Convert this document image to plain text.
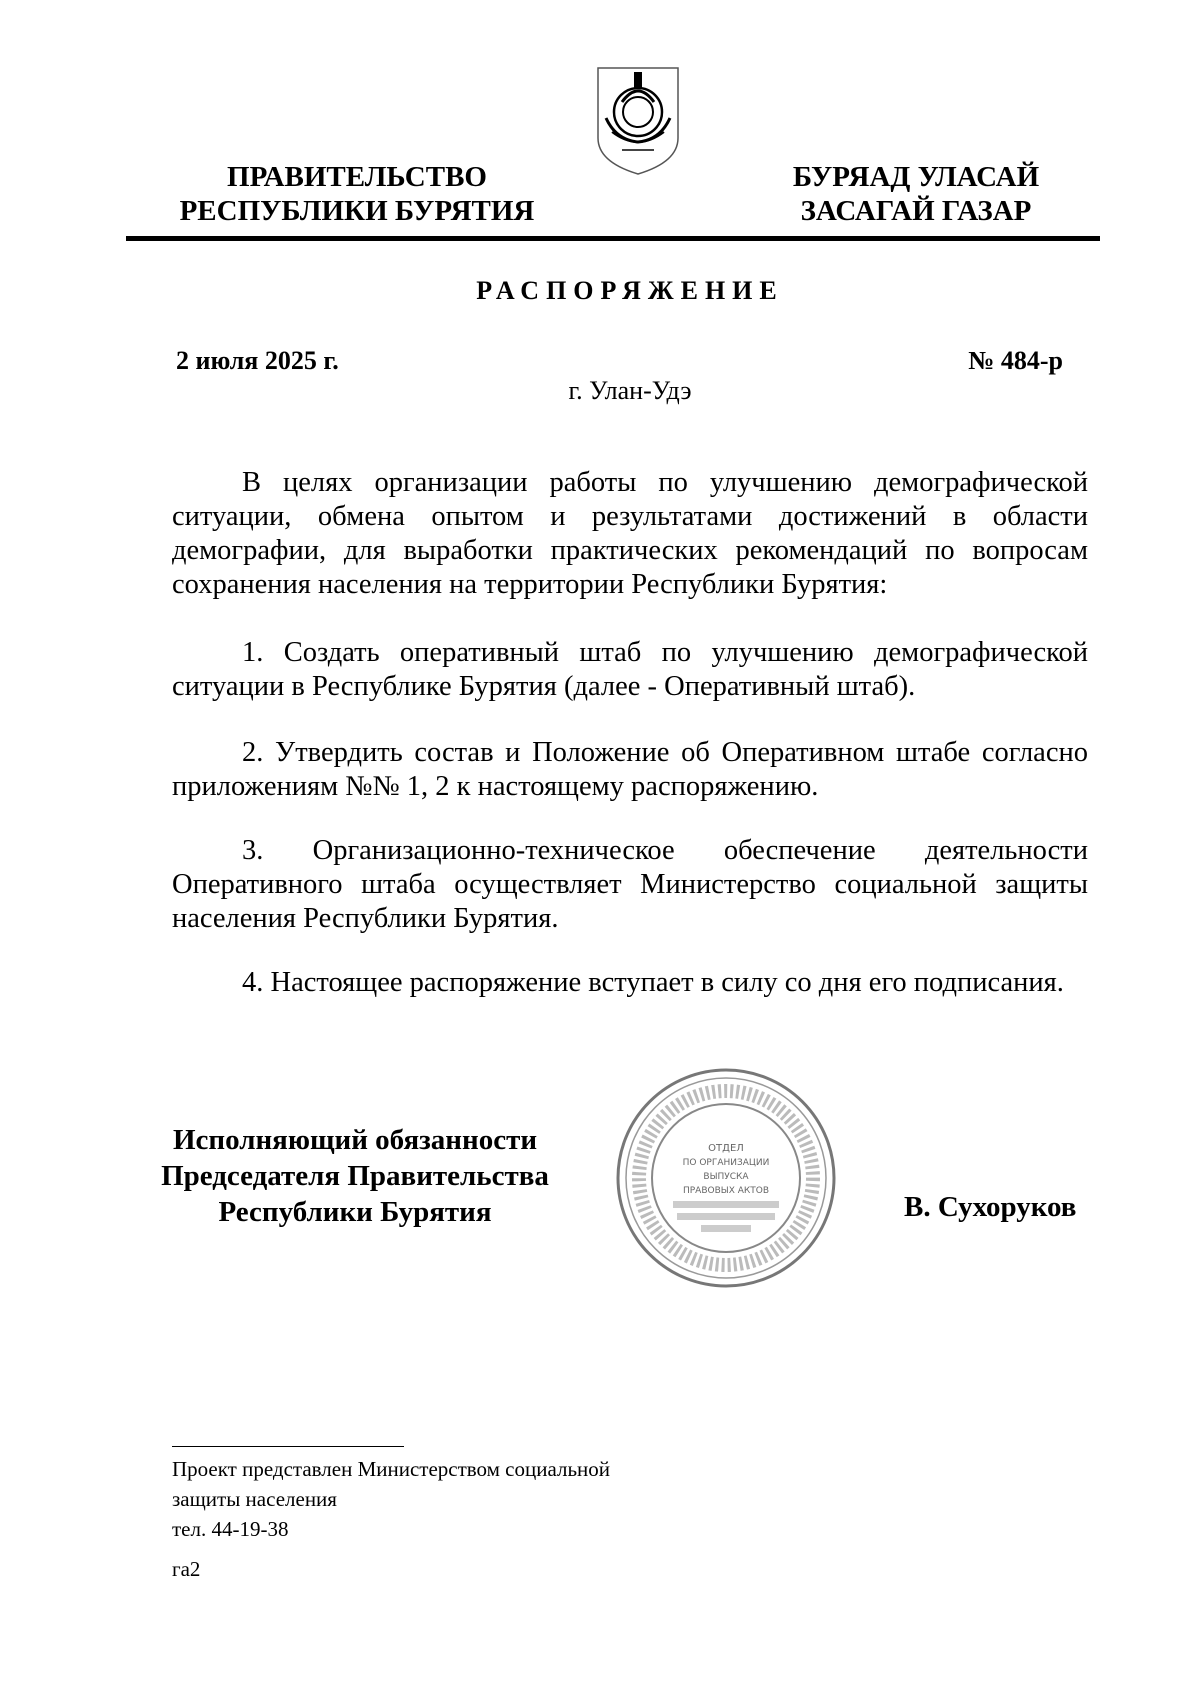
ПРАВИТЕЛЬСТВО
РЕСПУБЛИКИ БУРЯТИЯ
БУРЯАД УЛАСАЙ
ЗАСАГАЙ ГАЗАР
РАСПОРЯЖЕНИЕ
2 июля 2025 г.	№ 484-р
г. Улан-Удэ

В целях организации работы по улучшению демографической ситуации, обмена опытом и результатами достижений в области демографии, для выработки практических рекомендаций по вопросам сохранения населения на территории Республики Бурятия:

1. Создать оперативный штаб по улучшению демографической ситуации в Республике Бурятия (далее - Оперативный штаб).

2. Утвердить состав и Положение об Оперативном штабе согласно приложениям №№ 1, 2 к настоящему распоряжению.

3. Организационно-техническое обеспечение деятельности Оперативного штаба осуществляет Министерство социальной защиты населения Республики Бурятия.

4. Настоящее распоряжение вступает в силу со дня его подписания.

Исполняющий обязанности
Председателя Правительства
Республики Бурятия
ОТДЕЛ
ПО ОРГАНИЗАЦИИ
ВЫПУСКА
ПРАВОВЫХ АКТОВ	В. Сухоруков
Проект представлен Министерством социальной
защиты населения
тел. 44-19-38
га2
